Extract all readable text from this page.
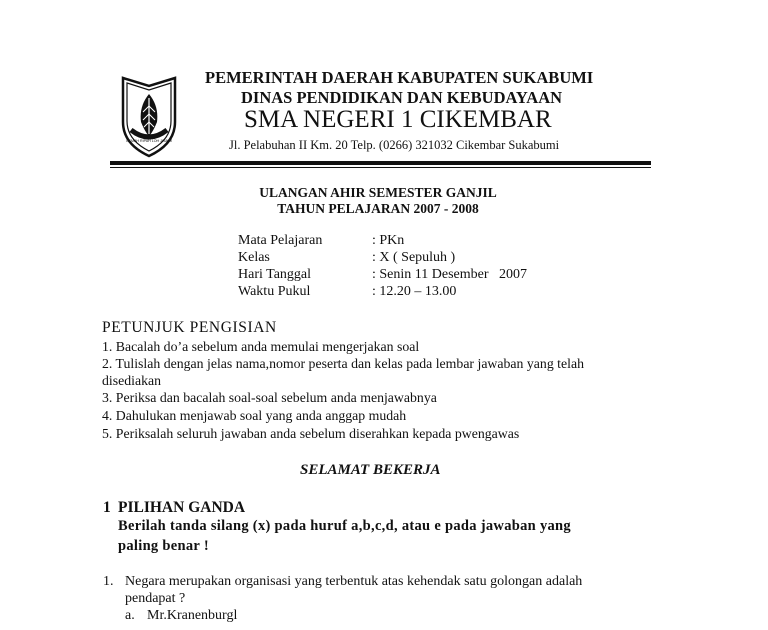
GEMAH RIPAH LOH JINAWI
PEMERINTAH DAERAH KABUPATEN SUKABUMI
DINAS PENDIDIKAN DAN KEBUDAYAAN
SMA NEGERI 1 CIKEMBAR
Jl. Pelabuhan II Km. 20 Telp. (0266) 321032 Cikembar Sukabumi
ULANGAN AHIR SEMESTER GANJIL
TAHUN PELAJARAN 2007 - 2008
Mata Pelajaran	: PKn
Kelas	: X ( Sepuluh )
Hari Tanggal	: Senin 11 Desember   2007
Waktu Pukul	: 12.20 – 13.00
PETUNJUK PENGISIAN
1. Bacalah do’a sebelum anda memulai mengerjakan soal
2. Tulislah dengan jelas nama,nomor peserta dan kelas pada lembar jawaban yang telah
disediakan
3. Periksa dan bacalah soal-soal sebelum anda menjawabnya
4. Dahulukan menjawab soal yang anda anggap mudah
5. Periksalah seluruh jawaban anda sebelum diserahkan kepada pwengawas
SELAMAT BEKERJA
1 PILIHAN GANDA
Berilah tanda silang (x) pada huruf a,b,c,d, atau e pada jawaban yang
paling benar !
1. Negara merupakan organisasi yang terbentuk atas kehendak satu golongan adalah
pendapat ?
a. Mr.Kranenburgl
